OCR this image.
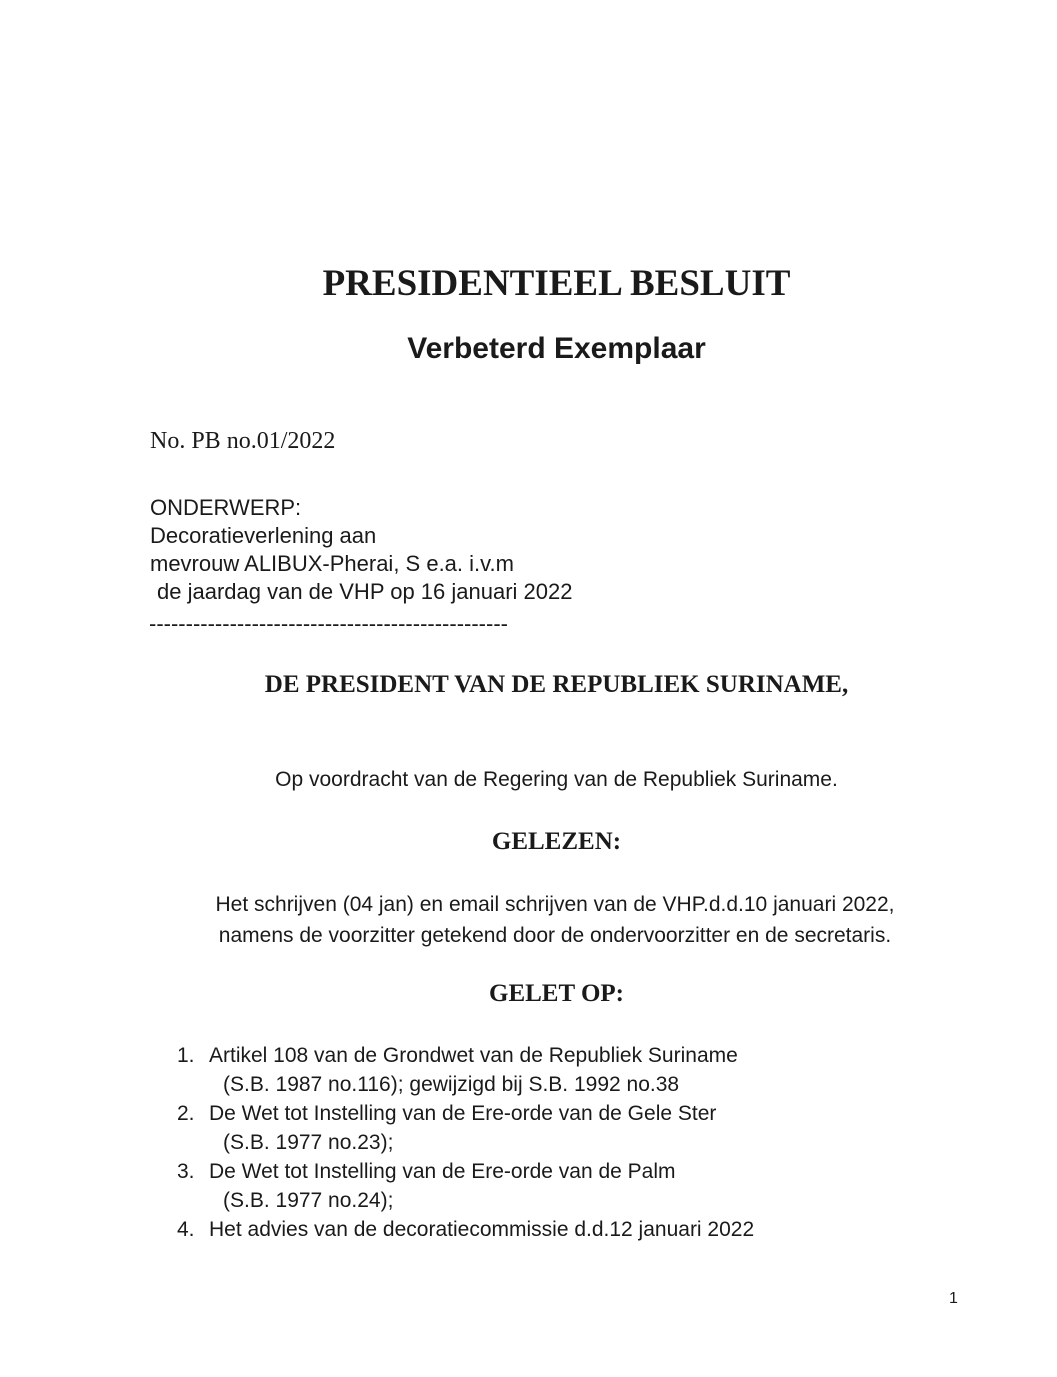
PRESIDENTIEEL BESLUIT
Verbeterd Exemplaar
No. PB no.01/2022
ONDERWERP:
Decoratieverlening aan
mevrouw ALIBUX-Pherai, S e.a. i.v.m
de jaardag van de VHP op 16 januari 2022
-------------------------------------------------
DE PRESIDENT VAN DE REPUBLIEK SURINAME,
Op voordracht van de Regering van de Republiek Suriname.
GELEZEN:
Het schrijven (04 jan) en email schrijven van de VHP.d.d.10 januari 2022,
namens de voorzitter getekend door de ondervoorzitter en de secretaris.
GELET OP:
1. Artikel 108 van de Grondwet van de Republiek Suriname
(S.B. 1987 no.116); gewijzigd bij S.B. 1992 no.38
2. De Wet tot Instelling van de Ere-orde van de Gele Ster
(S.B. 1977 no.23);
3. De Wet tot Instelling van de Ere-orde van de Palm
(S.B. 1977 no.24);
4. Het advies van de decoratiecommissie d.d.12 januari 2022
1
